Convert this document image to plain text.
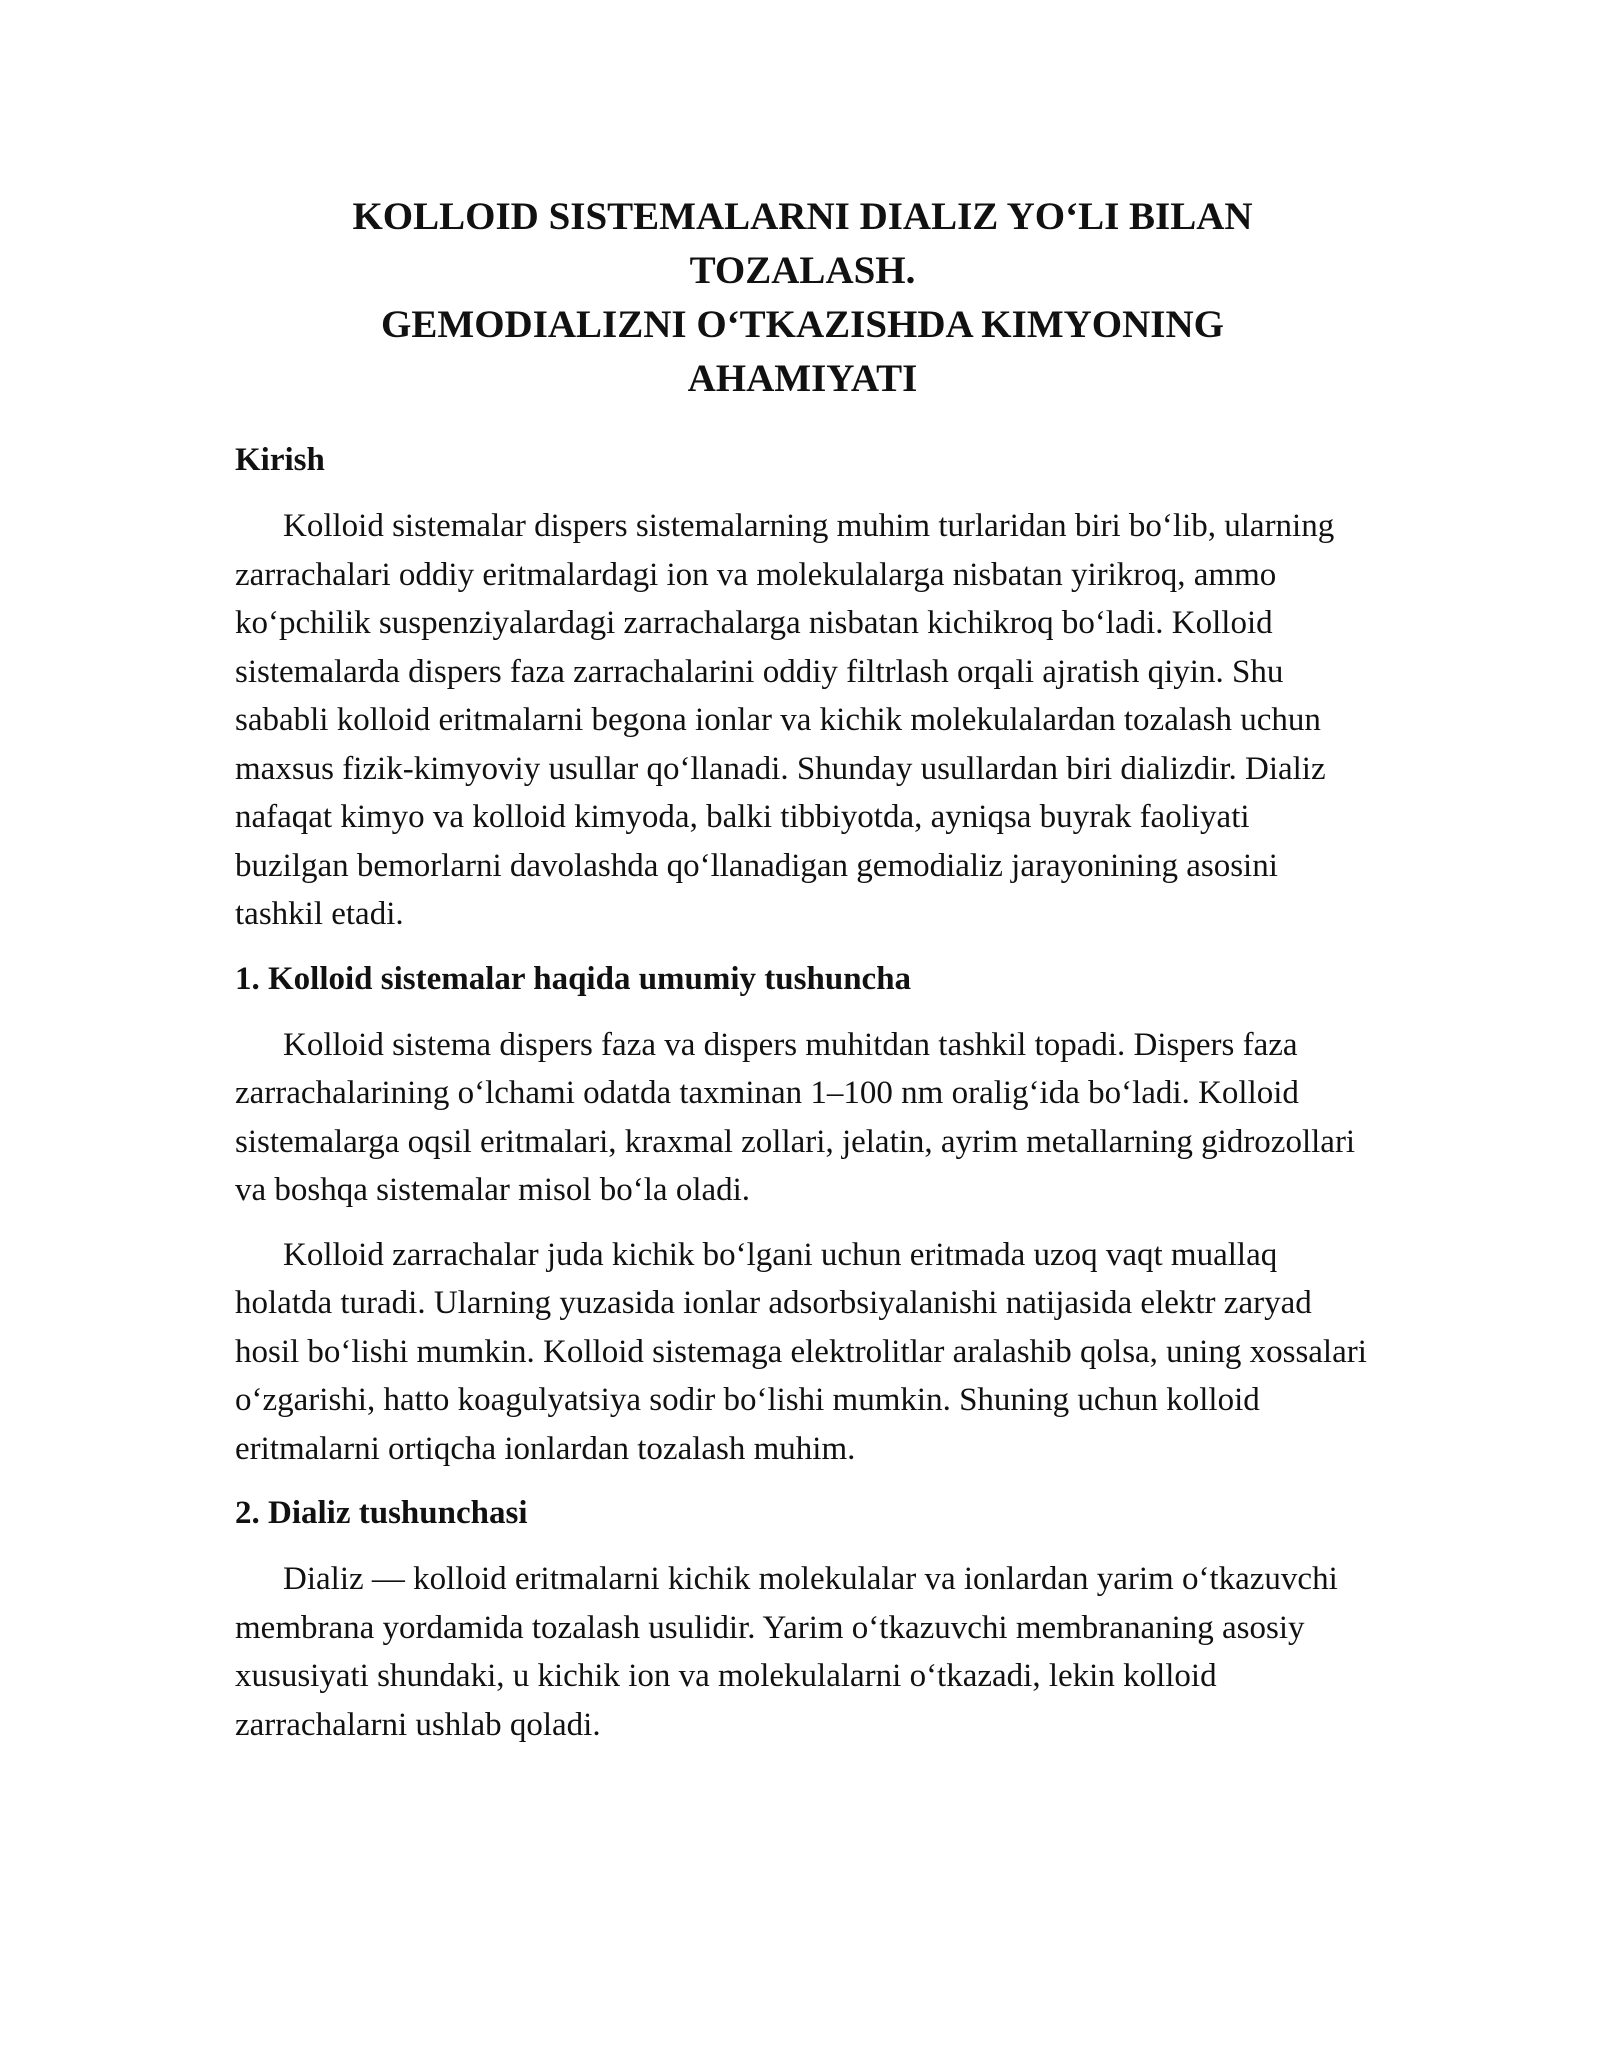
KOLLOID SISTEMALARNI DIALIZ YO‘LI BILAN
TOZALASH.
GEMODIALIZNI O‘TKAZISHDA KIMYONING
AHAMIYATI
Kirish

Kolloid sistemalar dispers sistemalarning muhim turlaridan biri bo‘lib, ularning zarrachalari oddiy eritmalardagi ion va molekulalarga nisbatan yirikroq, ammo ko‘pchilik suspenziyalardagi zarrachalarga nisbatan kichikroq bo‘ladi. Kolloid sistemalarda dispers faza zarrachalarini oddiy filtrlash orqali ajratish qiyin. Shu sababli kolloid eritmalarni begona ionlar va kichik molekulalardan tozalash uchun maxsus fizik-kimyoviy usullar qo‘llanadi. Shunday usullardan biri dializdir. Dializ nafaqat kimyo va kolloid kimyoda, balki tibbiyotda, ayniqsa buyrak faoliyati buzilgan bemorlarni davolashda qo‘llanadigan gemodializ jarayonining asosini tashkil etadi.

1. Kolloid sistemalar haqida umumiy tushuncha

Kolloid sistema dispers faza va dispers muhitdan tashkil topadi. Dispers faza zarrachalarining o‘lchami odatda taxminan 1–100 nm oralig‘ida bo‘ladi. Kolloid sistemalarga oqsil eritmalari, kraxmal zollari, jelatin, ayrim metallarning gidrozollari va boshqa sistemalar misol bo‘la oladi.

Kolloid zarrachalar juda kichik bo‘lgani uchun eritmada uzoq vaqt muallaq holatda turadi. Ularning yuzasida ionlar adsorbsiyalanishi natijasida elektr zaryad hosil bo‘lishi mumkin. Kolloid sistemaga elektrolitlar aralashib qolsa, uning xossalari o‘zgarishi, hatto koagulyatsiya sodir bo‘lishi mumkin. Shuning uchun kolloid eritmalarni ortiqcha ionlardan tozalash muhim.

2. Dializ tushunchasi

Dializ — kolloid eritmalarni kichik molekulalar va ionlardan yarim o‘tkazuvchi membrana yordamida tozalash usulidir. Yarim o‘tkazuvchi membrananing asosiy xususiyati shundaki, u kichik ion va molekulalarni o‘tkazadi, lekin kolloid zarrachalarni ushlab qoladi.
